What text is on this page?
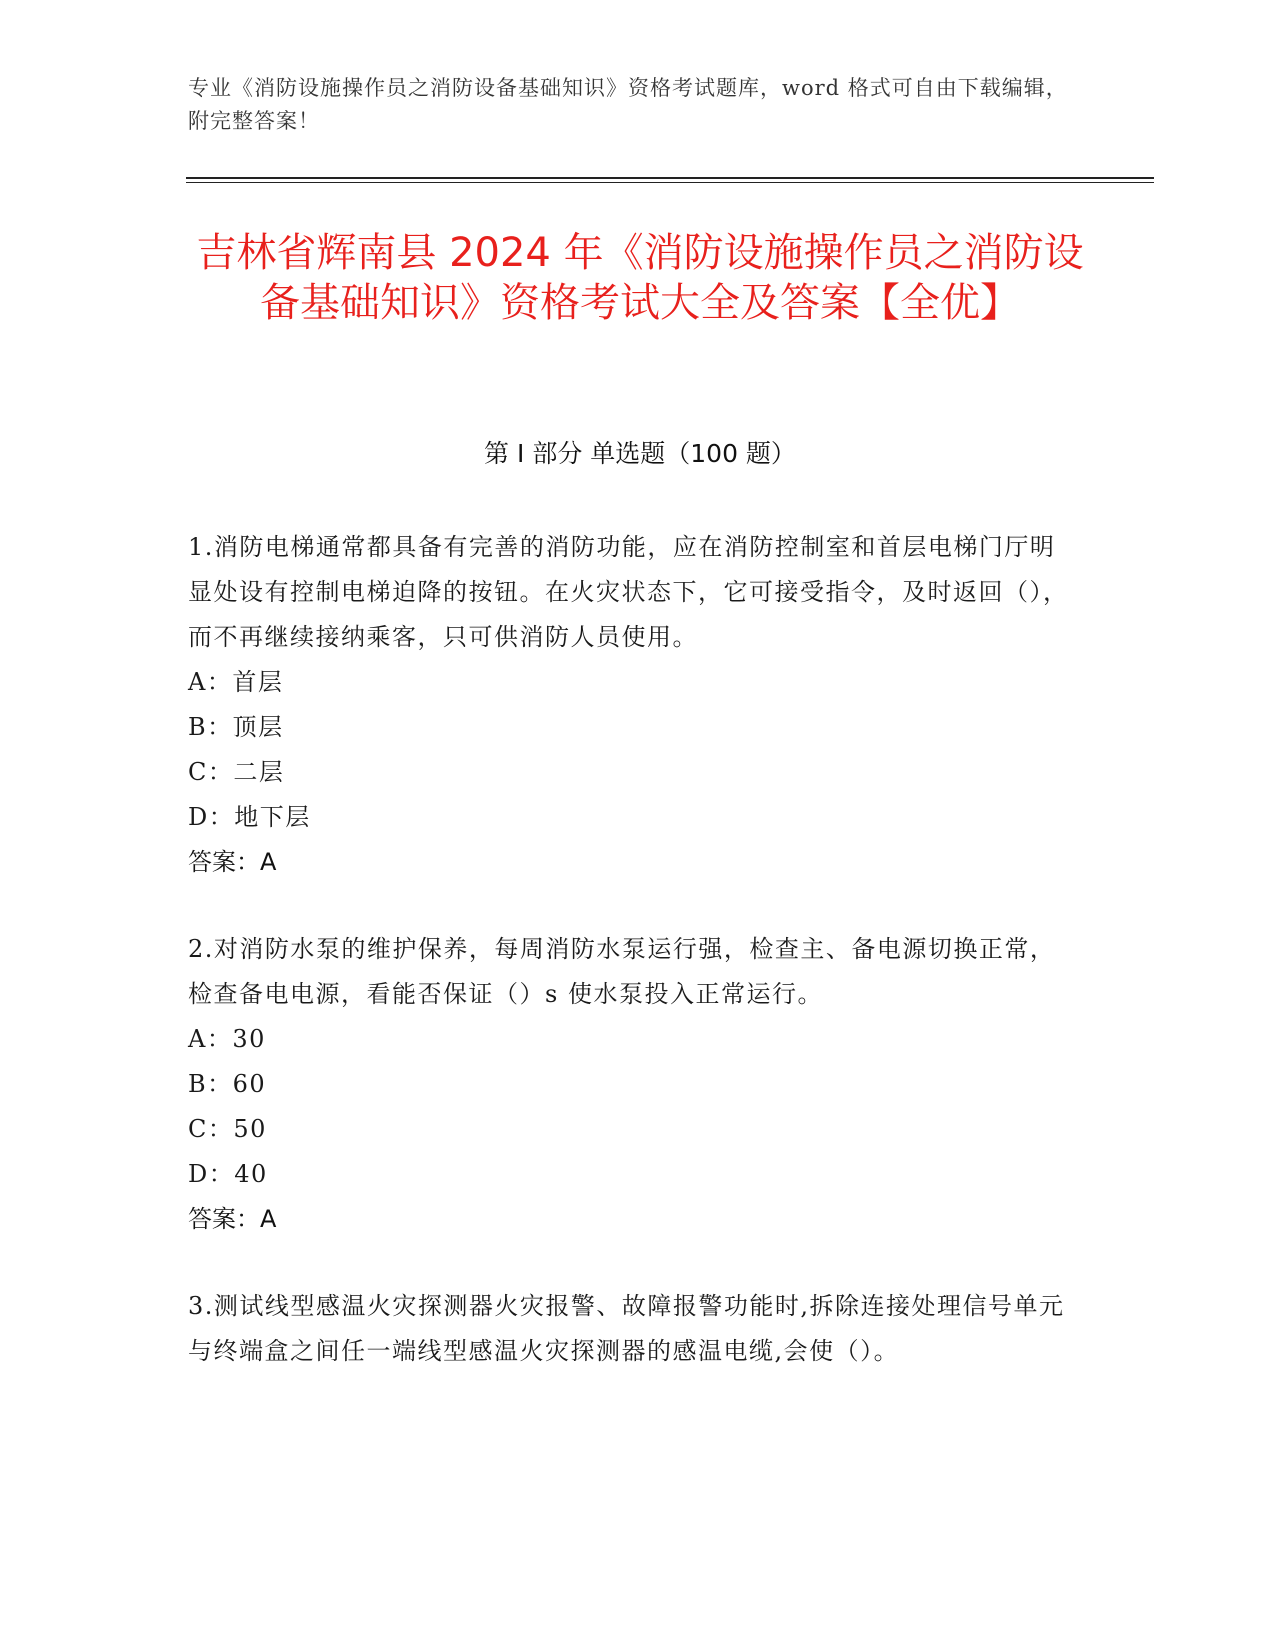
专业《消防设施操作员之消防设备基础知识》资格考试题库，word 格式可自由下载编辑，附完整答案！
吉林省辉南县 2024 年《消防设施操作员之消防设备基础知识》资格考试大全及答案【全优】
第 I 部分 单选题（100 题）
1.消防电梯通常都具备有完善的消防功能，应在消防控制室和首层电梯门厅明显处设有控制电梯迫降的按钮。在火灾状态下，它可接受指令，及时返回（），而不再继续接纳乘客，只可供消防人员使用。
A：首层
B：顶层
C：二层
D：地下层
答案：A
2.对消防水泵的维护保养，每周消防水泵运行强，检查主、备电源切换正常，检查备电电源，看能否保证（）s 使水泵投入正常运行。
A：30
B：60
C：50
D：40
答案：A
3.测试线型感温火灾探测器火灾报警、故障报警功能时,拆除连接处理信号单元与终端盒之间任一端线型感温火灾探测器的感温电缆,会使（）。
